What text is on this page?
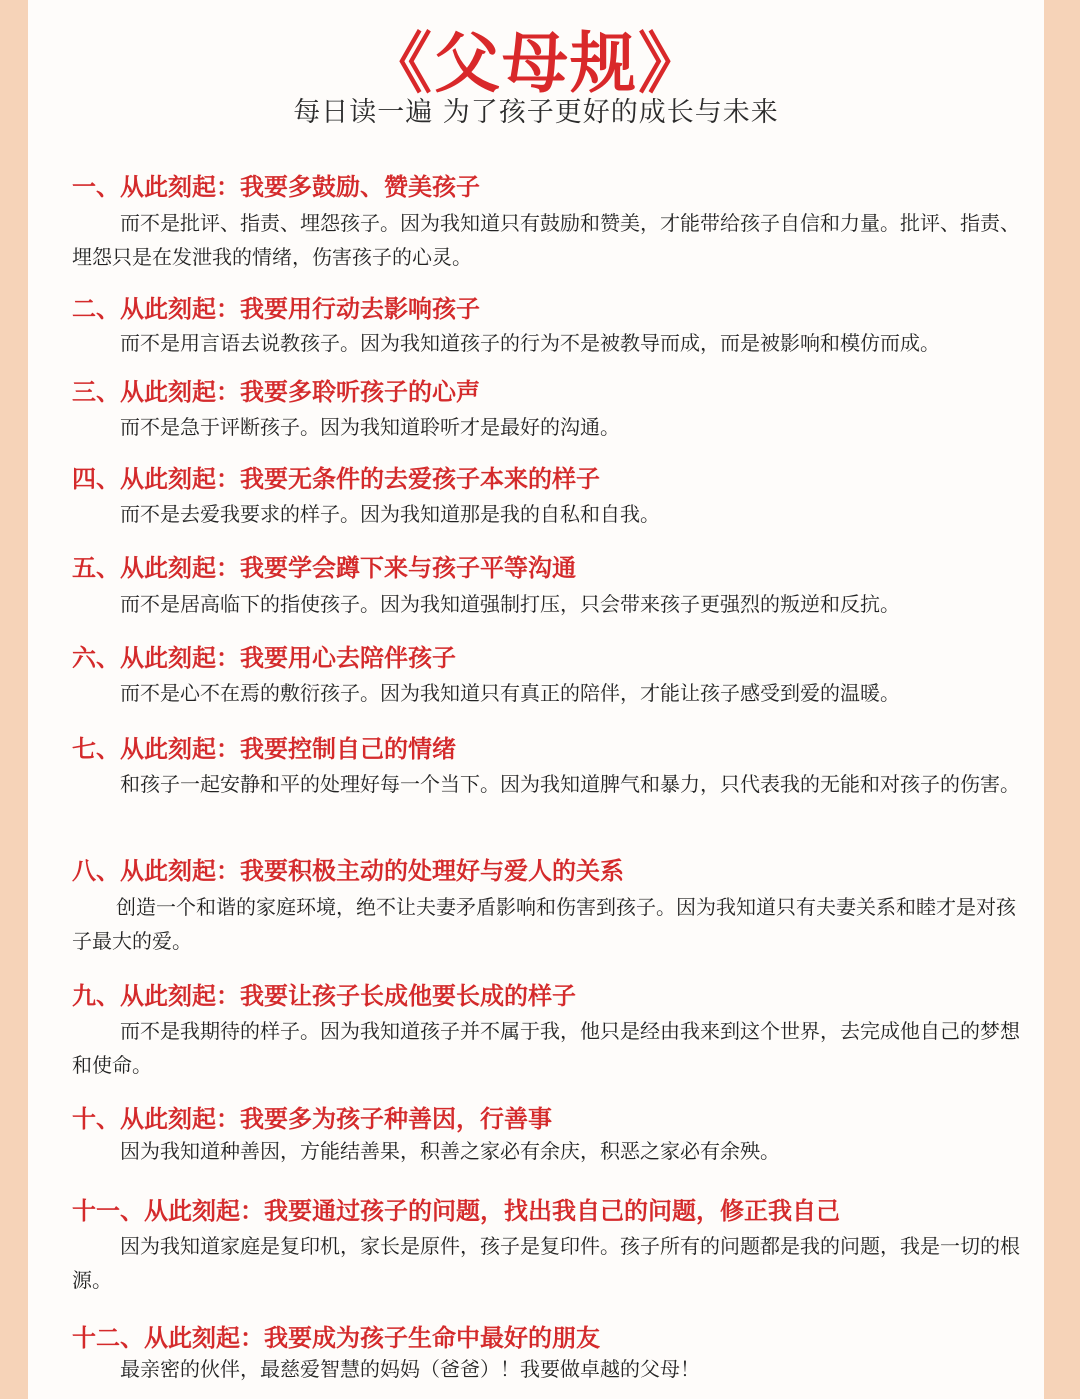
《父母规》
每日读一遍 为了孩子更好的成长与未来
一、从此刻起：我要多鼓励、赞美孩子
而不是批评、指责、埋怨孩子。因为我知道只有鼓励和赞美，才能带给孩子自信和力量。批评、指责、埋怨只是在发泄我的情绪，伤害孩子的心灵。
二、从此刻起：我要用行动去影响孩子
而不是用言语去说教孩子。因为我知道孩子的行为不是被教导而成，而是被影响和模仿而成。
三、从此刻起：我要多聆听孩子的心声
而不是急于评断孩子。因为我知道聆听才是最好的沟通。
四、从此刻起：我要无条件的去爱孩子本来的样子
而不是去爱我要求的样子。因为我知道那是我的自私和自我。
五、从此刻起：我要学会蹲下来与孩子平等沟通
而不是居高临下的指使孩子。因为我知道强制打压，只会带来孩子更强烈的叛逆和反抗。
六、从此刻起：我要用心去陪伴孩子
而不是心不在焉的敷衍孩子。因为我知道只有真正的陪伴，才能让孩子感受到爱的温暖。
七、从此刻起：我要控制自己的情绪
和孩子一起安静和平的处理好每一个当下。因为我知道脾气和暴力，只代表我的无能和对孩子的伤害。
八、从此刻起：我要积极主动的处理好与爱人的关系
创造一个和谐的家庭环境，绝不让夫妻矛盾影响和伤害到孩子。因为我知道只有夫妻关系和睦才是对孩子最大的爱。
九、从此刻起：我要让孩子长成他要长成的样子
而不是我期待的样子。因为我知道孩子并不属于我，他只是经由我来到这个世界，去完成他自己的梦想和使命。
十、从此刻起：我要多为孩子种善因，行善事
因为我知道种善因，方能结善果，积善之家必有余庆，积恶之家必有余殃。
十一、从此刻起：我要通过孩子的问题，找出我自己的问题，修正我自己
因为我知道家庭是复印机，家长是原件，孩子是复印件。孩子所有的问题都是我的问题，我是一切的根源。
十二、从此刻起：我要成为孩子生命中最好的朋友
最亲密的伙伴，最慈爱智慧的妈妈（爸爸）！我要做卓越的父母！
